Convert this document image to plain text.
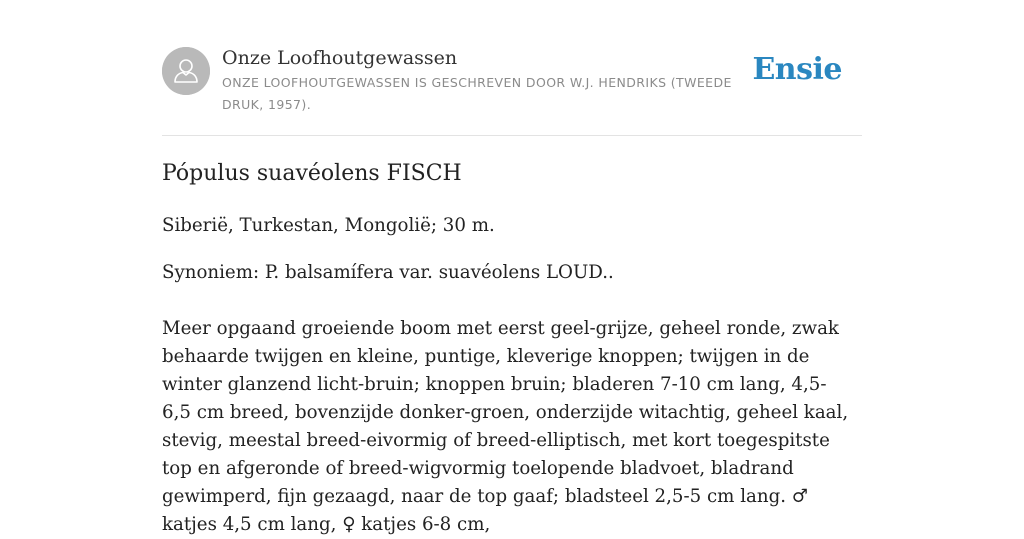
Onze Loofhoutgewassen
ONZE LOOFHOUTGEWASSEN IS GESCHREVEN DOOR W.J. HENDRIKS (TWEEDE DRUK, 1957).
Ensie
Pópulus suavéolens FISCH

Siberië, Turkestan, Mongolië; 30 m.

Synoniem: P. balsamífera var. suavéolens LOUD..

Meer opgaand groeiende boom met eerst geel-grijze, geheel ronde, zwak behaarde twijgen en kleine, puntige, kleverige knoppen; twijgen in de winter glanzend licht-bruin; knoppen bruin; bladeren 7-10 cm lang, 4,5-6,5 cm breed, bovenzijde donker-groen, onderzijde witachtig, geheel kaal, stevig, meestal breed-eivormig of breed-elliptisch, met kort toegespitste top en afgeronde of breed-wigvormig toelopende bladvoet, bladrand gewimperd, fijn gezaagd, naar de top gaaf; bladsteel 2,5-5 cm lang. ♂ katjes 4,5 cm lang, ♀ katjes 6-8 cm,
